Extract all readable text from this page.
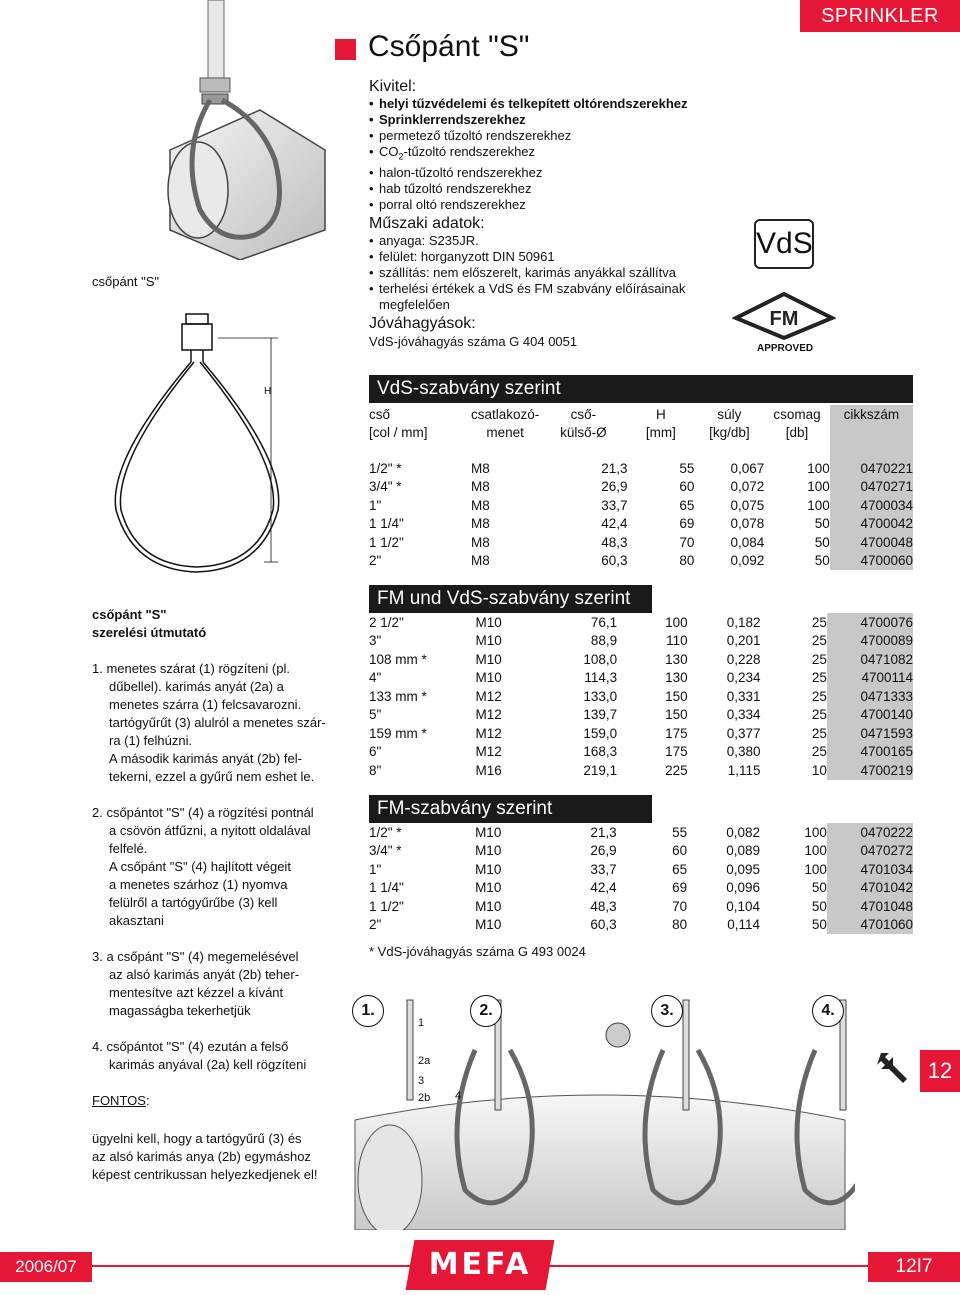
SPRINKLER
Csőpánt "S"
csőpánt "S"
H
Kivitel:
• helyi tűzvédelemi és telkepített oltórendszerekhez
• Sprinklerrendszerekhez
• permetező tűzoltó rendszerekhez
• $CO_2$-tűzoltó rendszerekhez
• halon-tűzoltó rendszerekhez
• hab tűzoltó rendszerekhez
• porral oltó rendszerekhez
Műszaki adatok:
• anyaga: S235JR.
• felület: horganyzott DIN 50961
• szállítás: nem előszerelt, karimás anyákkal szállítva
• terhelési értékek a VdS és FM szabvány előírásainak megfelelően
Jóváhagyások:
VdS-jóváhagyás száma G 404 0051
VdS
FM
APPROVED
VdS-szabvány szerint
cső	csatlakozó-	cső-	H	súly	csomag	cikkszám
[col / mm]	menet	külső-Ø	[mm]	[kg/db]	[db]	

1/2" *	M8	21,3	55	0,067	100	0470221
3/4" *	M8	26,9	60	0,072	100	0470271
1"	M8	33,7	65	0,075	100	4700034
1 1/4"	M8	42,4	69	0,078	50	4700042
1 1/2"	M8	48,3	70	0,084	50	4700048
2"	M8	60,3	80	0,092	50	4700060
FM und VdS-szabvány szerint
2 1/2"	M10	76,1	100	0,182	25	4700076
3"	M10	88,9	110	0,201	25	4700089
108 mm *	M10	108,0	130	0,228	25	0471082
4"	M10	114,3	130	0,234	25	4700114
133 mm *	M12	133,0	150	0,331	25	0471333
5"	M12	139,7	150	0,334	25	4700140
159 mm *	M12	159,0	175	0,377	25	0471593
6"	M12	168,3	175	0,380	25	4700165
8"	M16	219,1	225	1,115	10	4700219
FM-szabvány szerint
1/2" *	M10	21,3	55	0,082	100	0470222
3/4" *	M10	26,9	60	0,089	100	0470272
1"	M10	33,7	65	0,095	100	4701034
1 1/4"	M10	42,4	69	0,096	50	4701042
1 1/2"	M10	48,3	70	0,104	50	4701048
2"	M10	60,3	80	0,114	50	4701060

csőpánt "S"

szerelési útmutató

1. menetes szárat (1) rögzíteni (pl.

dűbellel). karimás anyát (2a) a

menetes szárra (1) felcsavarozni.

tartógyűrűt (3) alulról a menetes szár-

ra (1) felhúzni.

A második karimás anyát (2b) fel-

tekerni, ezzel a gyűrű nem eshet le.

2. csőpántot "S" (4) a rögzítési pontnál

a csövön átfűzni, a nyitott oldalával

felfelé.

A csőpánt "S" (4) hajlított végeit

a menetes szárhoz (1) nyomva

felülről a tartógyűrűbe (3) kell

akasztani

3. a csőpánt "S" (4) megemelésével

az alsó karimás anyát (2b) teher-

mentesítve azt kézzel a kívánt

magasságba tekerhetjük

4. csőpántot "S" (4) ezután a felső

karimás anyával (2a) kell rögzíteni

FONTOS:

ügyelni kell, hogy a tartógyűrű (3) és

az alsó karimás anya (2b) egymáshoz

képest centrikussan helyezkedjenek el!

* VdS-jóváhagyás száma G 493 0024
1.	2.	3.	4.
1
2a
3
2b 4
12
2006/07	MEFA	12I7
